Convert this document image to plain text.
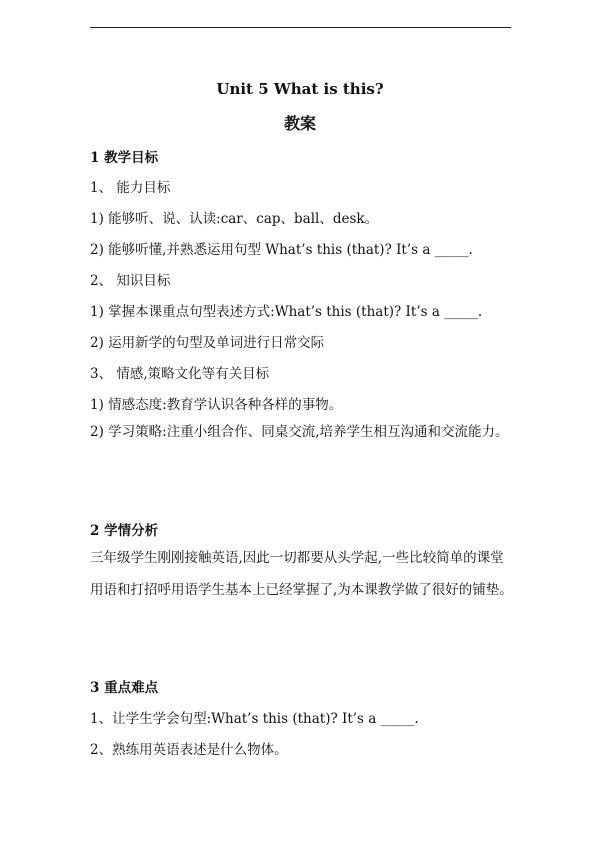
Unit 5 What is this?
教案
1 教学目标
1、 能力目标
1) 能够听、说、认读:car、cap、ball、desk。
2) 能够听懂,并熟悉运用句型 What’s this (that)? It’s a _____.
2、 知识目标
1) 掌握本课重点句型表述方式:What’s this (that)? It’s a _____.
2) 运用新学的句型及单词进行日常交际
3、 情感,策略文化等有关目标
1) 情感态度:教育学认识各种各样的事物。
2) 学习策略:注重小组合作、同桌交流,培养学生相互沟通和交流能力。
2 学情分析
三年级学生刚刚接触英语,因此一切都要从头学起,一些比较简单的课堂用语和打招呼用语学生基本上已经掌握了,为本课教学做了很好的铺垫。
3 重点难点
1、让学生学会句型:What’s this (that)? It’s a _____.
2、熟练用英语表述是什么物体。
